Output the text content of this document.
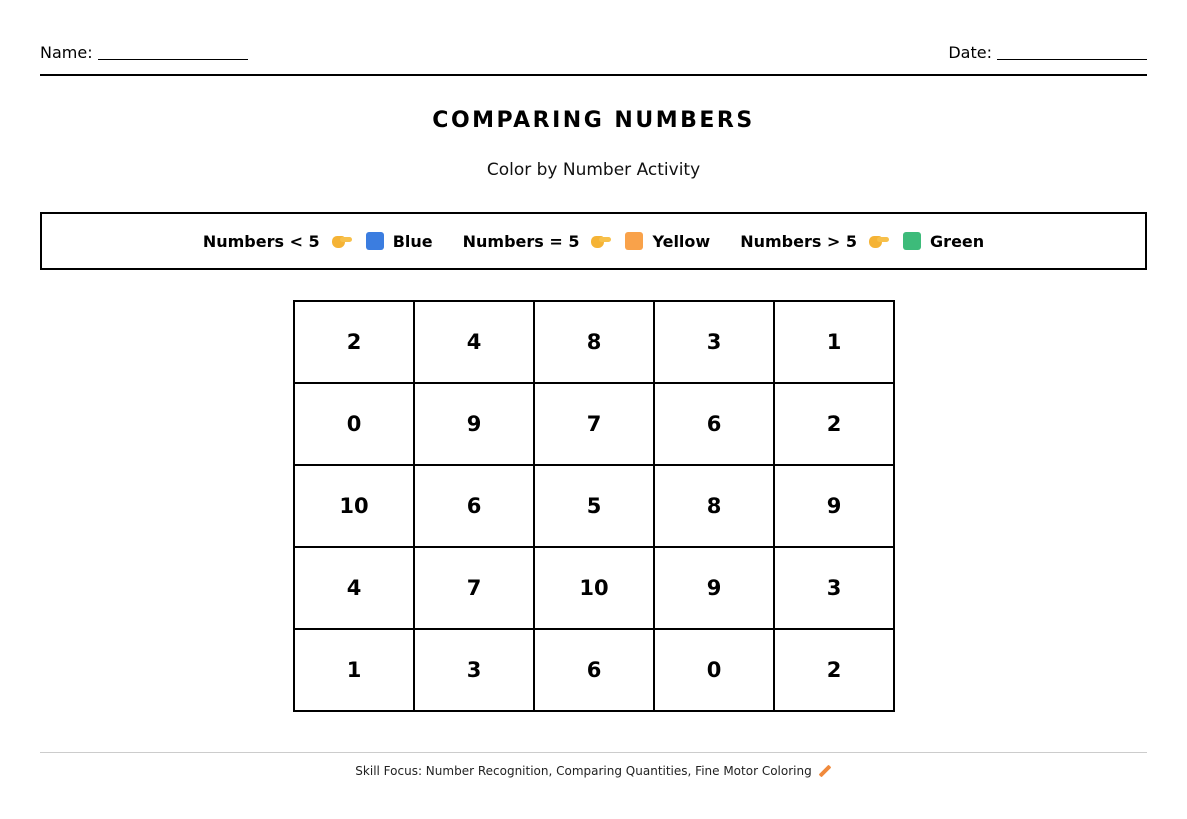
Name:	Date:
COMPARING NUMBERS
Color by Number Activity
Numbers < 5	Blue Numbers = 5	Yellow Numbers > 5	Green
2	4	8	3	1
0	9	7	6	2
10	6	5	8	9
4	7	10	9	3
1	3	6	0	2
Skill Focus: Number Recognition, Comparing Quantities, Fine Motor Coloring
